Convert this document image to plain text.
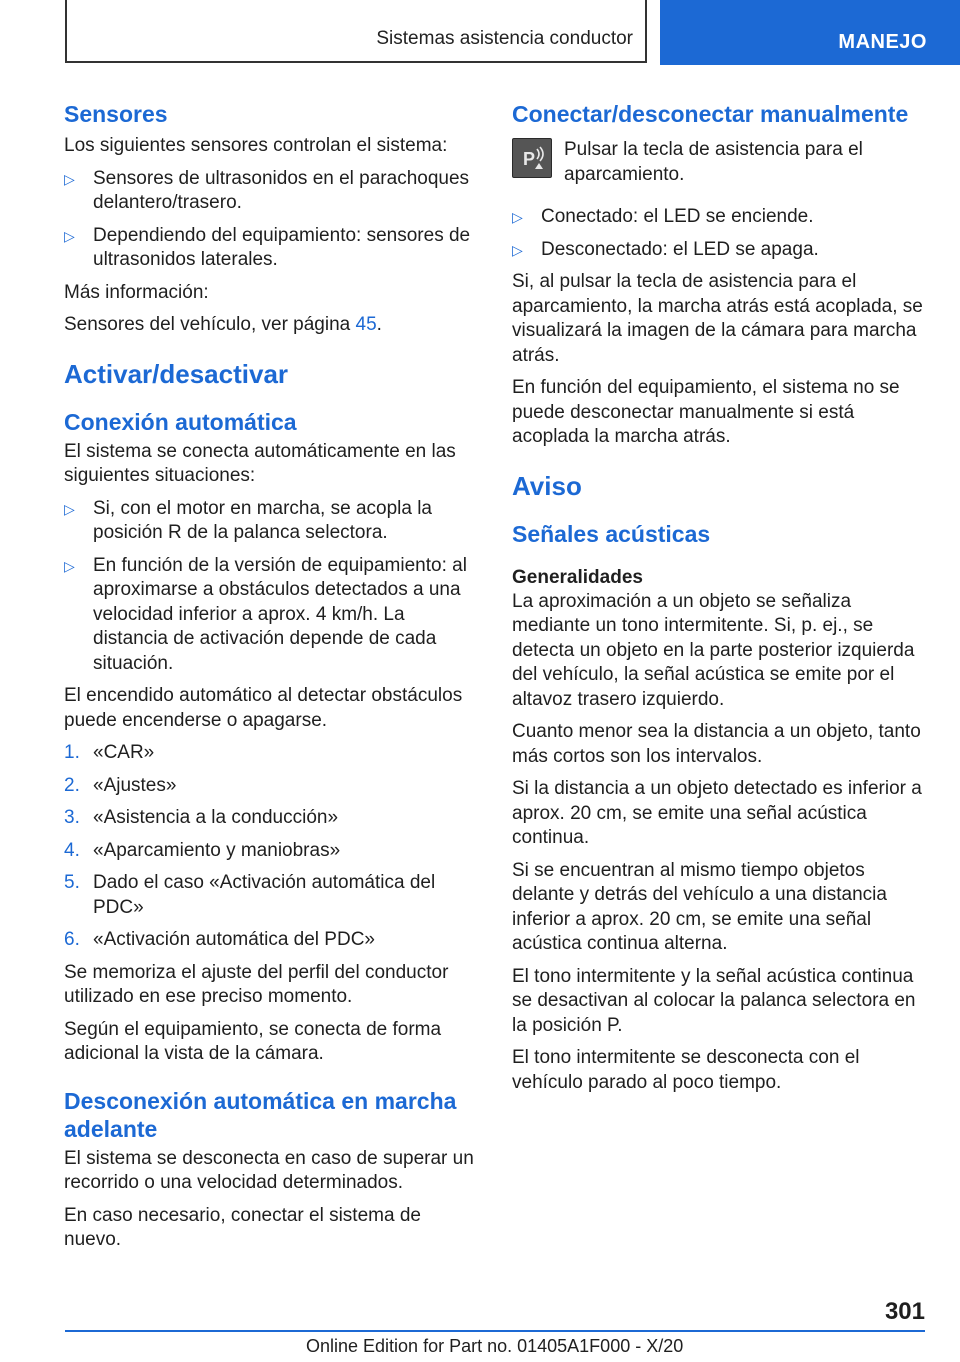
Sistemas asistencia conductor	MANEJO
Sensores

Los siguientes sensores controlan el sistema:

▷ Sensores de ultrasonidos en el parachoques delantero/trasero.
▷ Dependiendo del equipamiento: sensores de ultrasonidos laterales.

Más información:

Sensores del vehículo, ver página 45.

Activar/desactivar
Conexión automática

El sistema se conecta automáticamente en las siguientes situaciones:

▷ Si, con el motor en marcha, se acopla la posición R de la palanca selectora.
▷ En función de la versión de equipamiento: al aproximarse a obstáculos detectados a una velocidad inferior a aprox. 4 km/h. La distancia de activación depende de cada situación.

El encendido automático al detectar obstáculos puede encenderse o apagarse.

1. «CAR»
2. «Ajustes»
3. «Asistencia a la conducción»
4. «Aparcamiento y maniobras»
5. Dado el caso «Activación automática del PDC»
6. «Activación automática del PDC»

Se memoriza el ajuste del perfil del conductor utilizado en ese preciso momento.

Según el equipamiento, se conecta de forma adicional la vista de la cámara.

Desconexión automática en marcha adelante

El sistema se desconecta en caso de superar un recorrido o una velocidad determinados.

En caso necesario, conectar el sistema de nuevo.

Conectar/desconectar manualmente
P Pulsar la tecla de asistencia para el aparcamiento.
▷ Conectado: el LED se enciende.
▷ Desconectado: el LED se apaga.

Si, al pulsar la tecla de asistencia para el aparcamiento, la marcha atrás está acoplada, se visualizará la imagen de la cámara para marcha atrás.

En función del equipamiento, el sistema no se puede desconectar manualmente si está acoplada la marcha atrás.

Aviso
Señales acústicas
Generalidades

La aproximación a un objeto se señaliza mediante un tono intermitente. Si, p. ej., se detecta un objeto en la parte posterior izquierda del vehículo, la señal acústica se emite por el altavoz trasero izquierdo.

Cuanto menor sea la distancia a un objeto, tanto más cortos son los intervalos.

Si la distancia a un objeto detectado es inferior a aprox. 20 cm, se emite una señal acústica continua.

Si se encuentran al mismo tiempo objetos delante y detrás del vehículo a una distancia inferior a aprox. 20 cm, se emite una señal acústica continua alterna.

El tono intermitente y la señal acústica continua se desactivan al colocar la palanca selectora en la posición P.

El tono intermitente se desconecta con el vehículo parado al poco tiempo.

301
Online Edition for Part no. 01405A1F000 - X/20
